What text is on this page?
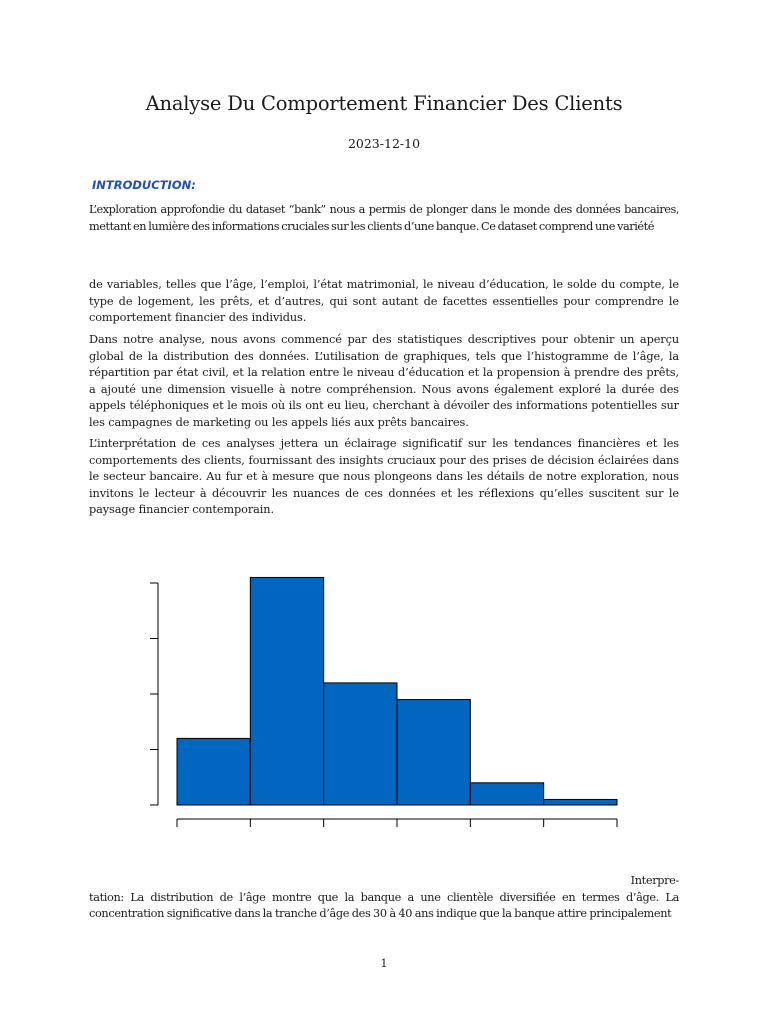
Analyse Du Comportement Financier Des Clients
2023-12-10
INTRODUCTION:

L’exploration approfondie du dataset “bank” nous a permis de plonger dans le monde des données bancaires, mettant en lumière des informations cruciales sur les clients d’une banque. Ce dataset comprend une variété

de variables, telles que l’âge, l’emploi, l’état matrimonial, le niveau d’éducation, le solde du compte, le type de logement, les prêts, et d’autres, qui sont autant de facettes essentielles pour comprendre le comportement financier des individus.

Dans notre analyse, nous avons commencé par des statistiques descriptives pour obtenir un aperçu global de la distribution des données. L’utilisation de graphiques, tels que l’histogramme de l’âge, la répartition par état civil, et la relation entre le niveau d’éducation et la propension à prendre des prêts, a ajouté une dimension visuelle à notre compréhension. Nous avons également exploré la durée des appels téléphoniques et le mois où ils ont eu lieu, cherchant à dévoiler des informations potentielles sur les campagnes de marketing ou les appels liés aux prêts bancaires.

L’interprétation de ces analyses jettera un éclairage significatif sur les tendances financières et les comportements des clients, fournissant des insights cruciaux pour des prises de décision éclairées dans le secteur bancaire. Au fur et à mesure que nous plongeons dans les détails de notre exploration, nous invitons le lecteur à découvrir les nuances de ces données et les réflexions qu’elles suscitent sur le paysage financier contemporain.

Interpre-
tation: La distribution de l’âge montre que la banque a une clientèle diversifiée en termes d’âge. La concentration significative dans la tranche d’âge des 30 à 40 ans indique que la banque attire principalement

1
